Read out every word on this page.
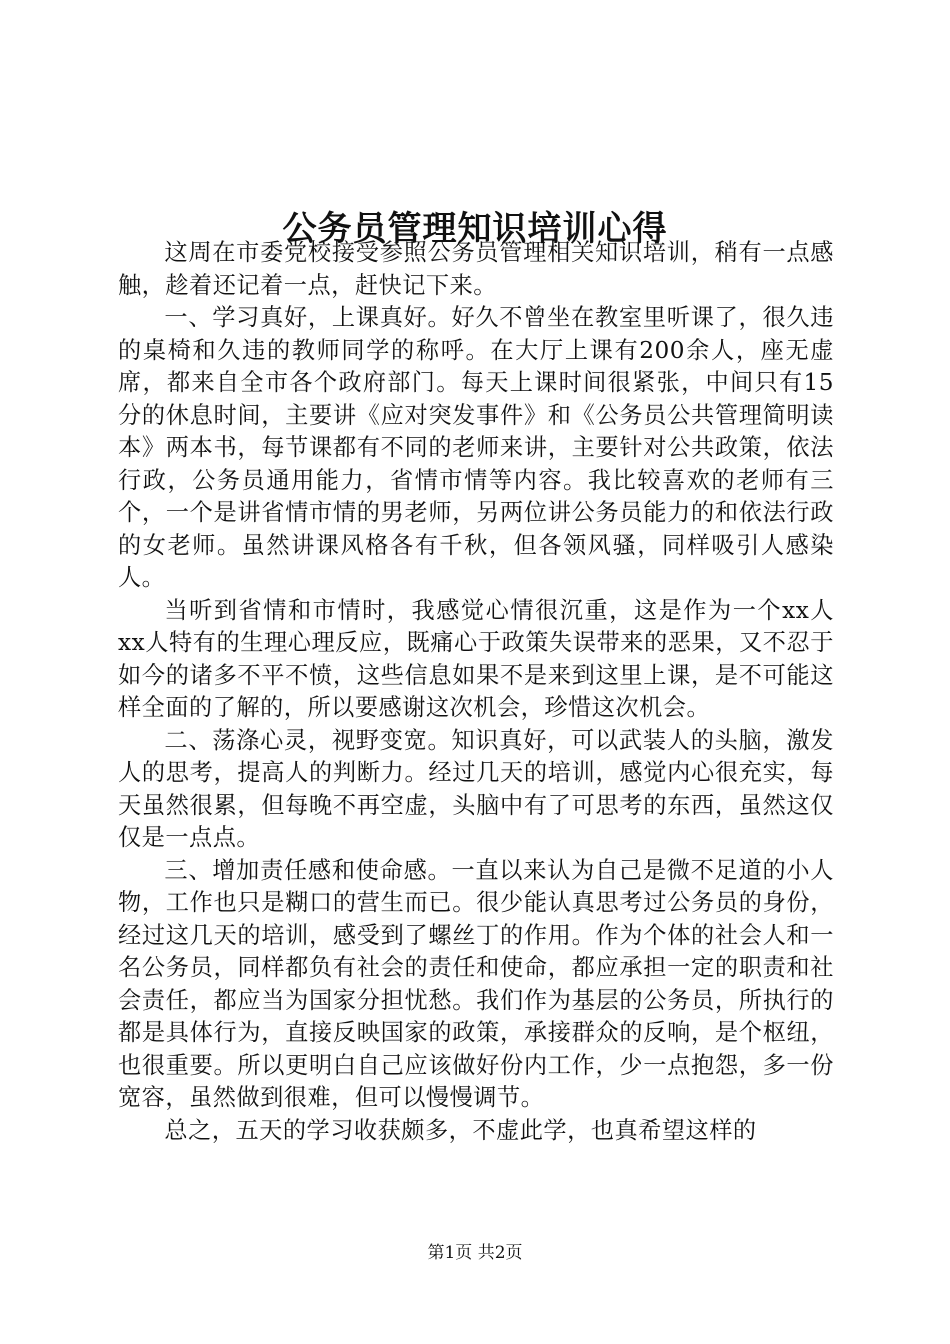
公务员管理知识培训心得

这周在市委党校接受参照公务员管理相关知识培训，稍有一点感触，趁着还记着一点，赶快记下来。

一、学习真好，上课真好。好久不曾坐在教室里听课了，很久违的桌椅和久违的教师同学的称呼。在大厅上课有200余人，座无虚席，都来自全市各个政府部门。每天上课时间很紧张，中间只有15分的休息时间，主要讲《应对突发事件》和《公务员公共管理简明读本》两本书，每节课都有不同的老师来讲，主要针对公共政策，依法行政，公务员通用能力，省情市情等内容。我比较喜欢的老师有三个，一个是讲省情市情的男老师，另两位讲公务员能力的和依法行政的女老师。虽然讲课风格各有千秋，但各领风骚，同样吸引人感染人。

当听到省情和市情时，我感觉心情很沉重，这是作为一个xx人xx人特有的生理心理反应，既痛心于政策失误带来的恶果，又不忍于如今的诸多不平不愤，这些信息如果不是来到这里上课，是不可能这样全面的了解的，所以要感谢这次机会，珍惜这次机会。

二、荡涤心灵，视野变宽。知识真好，可以武装人的头脑，激发人的思考，提高人的判断力。经过几天的培训，感觉内心很充实，每天虽然很累，但每晚不再空虚，头脑中有了可思考的东西，虽然这仅仅是一点点。

三、增加责任感和使命感。一直以来认为自己是微不足道的小人物，工作也只是糊口的营生而已。很少能认真思考过公务员的身份，经过这几天的培训，感受到了螺丝丁的作用。作为个体的社会人和一名公务员，同样都负有社会的责任和使命，都应承担一定的职责和社会责任，都应当为国家分担忧愁。我们作为基层的公务员，所执行的都是具体行为，直接反映国家的政策，承接群众的反响，是个枢纽，也很重要。所以更明白自己应该做好份内工作，少一点抱怨，多一份宽容，虽然做到很难，但可以慢慢调节。

总之，五天的学习收获颇多，不虚此学，也真希望这样的

第1页 共2页
